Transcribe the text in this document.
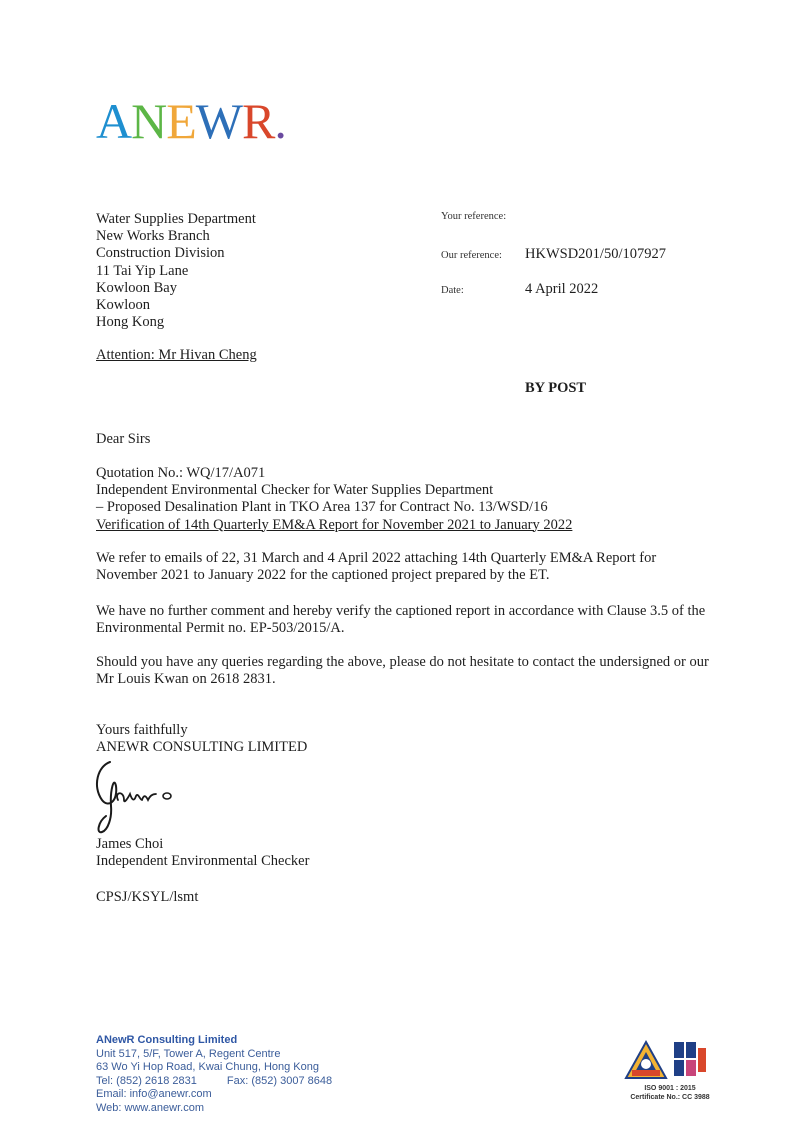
ANEWR.
Water Supplies Department
New Works Branch
Construction Division
11 Tai Yip Lane
Kowloon Bay
Kowloon
Hong Kong
Attention: Mr Hivan Cheng
Your reference:
Our reference: HKWSD201/50/107927
Date:	4 April 2022
BY POST
Dear Sirs
Quotation No.: WQ/17/A071
Independent Environmental Checker for Water Supplies Department
– Proposed Desalination Plant in TKO Area 137 for Contract No. 13/WSD/16
Verification of 14th Quarterly EM&A Report for November 2021 to January 2022
We refer to emails of 22, 31 March and 4 April 2022 attaching 14th Quarterly EM&A Report for November 2021 to January 2022 for the captioned project prepared by the ET.
We have no further comment and hereby verify the captioned report in accordance with Clause 3.5 of the Environmental Permit no. EP-503/2015/A.
Should you have any queries regarding the above, please do not hesitate to contact the undersigned or our Mr Louis Kwan on 2618 2831.
Yours faithfully
ANEWR CONSULTING LIMITED
James Choi
Independent Environmental Checker
CPSJ/KSYL/lsmt
ANewR Consulting Limited
Unit 517, 5/F, Tower A, Regent Centre
63 Wo Yi Hop Road, Kwai Chung, Hong Kong
Tel: (852) 2618 2831	Fax: (852) 3007 8648
Email: info@anewr.com
Web: www.anewr.com
ISO 9001 : 2015
Certificate No.: CC 3988
